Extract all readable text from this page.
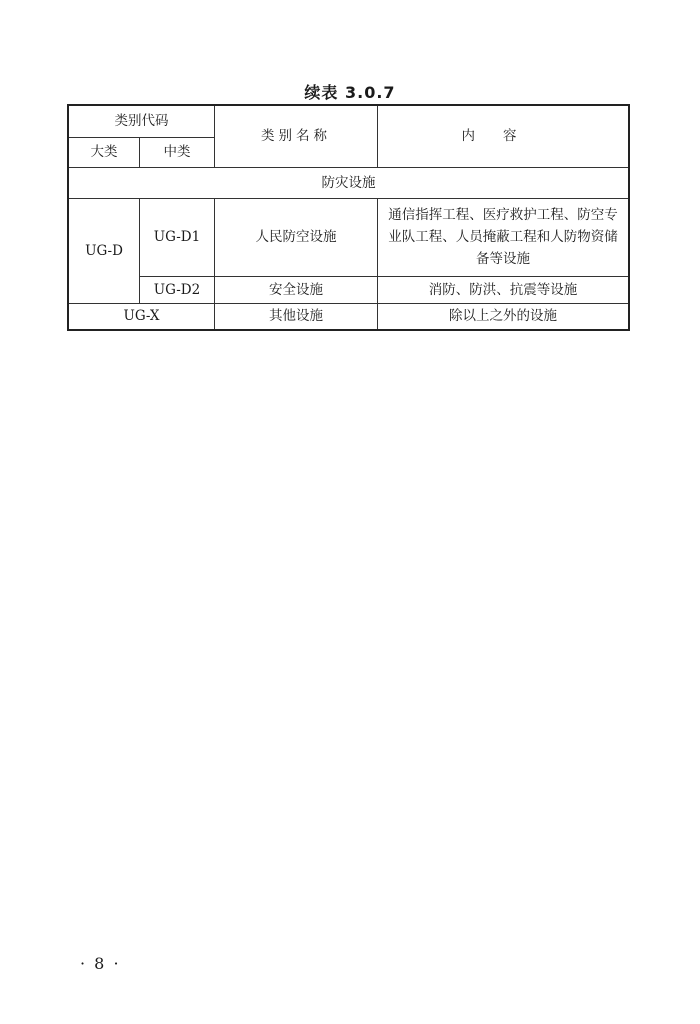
续表 3.0.7
类别代码		类别名称	内容
大类	中类		
防灾设施			
UG-D	UG-D1	人民防空设施	通信指挥工程、医疗救护工程、防空专业队工程、人员掩蔽工程和人防物资储备等设施
	UG-D2	安全设施	消防、防洪、抗震等设施
UG-X		其他设施	除以上之外的设施
· 8 ·
